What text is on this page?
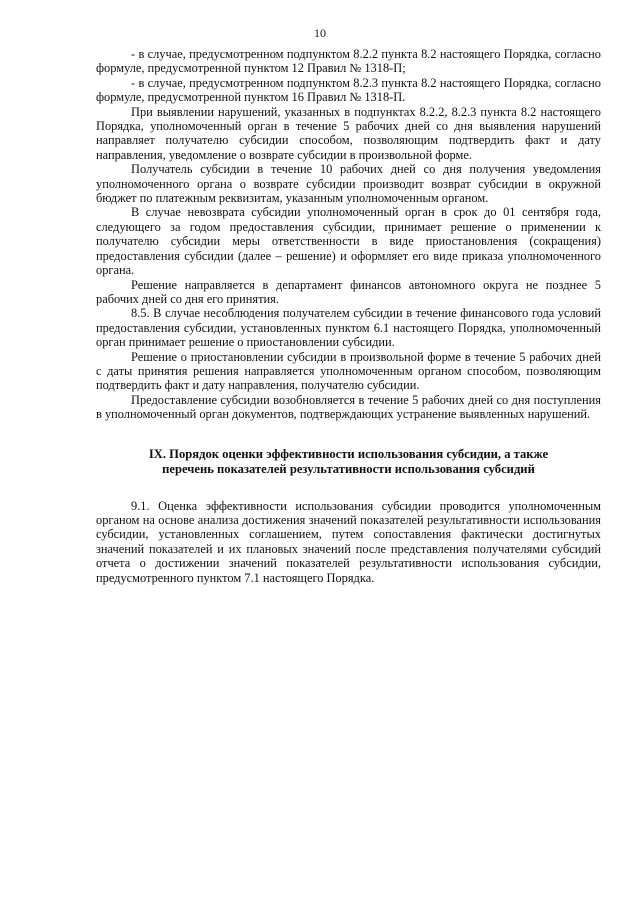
10

- в случае, предусмотренном подпунктом 8.2.2 пункта 8.2 настоящего Порядка, согласно формуле, предусмотренной пунктом 12 Правил № 1318-П;

- в случае, предусмотренном подпунктом 8.2.3 пункта 8.2 настоящего Порядка, согласно формуле, предусмотренной пунктом 16 Правил № 1318-П.

При выявлении нарушений, указанных в подпунктах 8.2.2, 8.2.3 пункта 8.2 настоящего Порядка, уполномоченный орган в течение 5 рабочих дней со дня выявления нарушений направляет получателю субсидии способом, позволяющим подтвердить факт и дату направления, уведомление о возврате субсидии в произвольной форме.

Получатель субсидии в течение 10 рабочих дней со дня получения уведомления уполномоченного органа о возврате субсидии производит возврат субсидии в окружной бюджет по платежным реквизитам, указанным уполномоченным органом.

В случае невозврата субсидии уполномоченный орган в срок до 01 сентября года, следующего за годом предоставления субсидии, принимает решение о применении к получателю субсидии меры ответственности в виде приостановления (сокращения) предоставления субсидии (далее – решение) и оформляет его виде приказа уполномоченного органа.

Решение направляется в департамент финансов автономного округа не позднее 5 рабочих дней со дня его принятия.

8.5. В случае несоблюдения получателем субсидии в течение финансового года условий предоставления субсидии, установленных пунктом 6.1 настоящего Порядка, уполномоченный орган принимает решение о приостановлении субсидии.

Решение о приостановлении субсидии в произвольной форме в течение 5 рабочих дней с даты принятия решения направляется уполномоченным органом способом, позволяющим подтвердить факт и дату направления, получателю субсидии.

Предоставление субсидии возобновляется в течение 5 рабочих дней со дня поступления в уполномоченный орган документов, подтверждающих устранение выявленных нарушений.

IX. Порядок оценки эффективности использования субсидии, а также
перечень показателей результативности использования субсидий

9.1. Оценка эффективности использования субсидии проводится уполномоченным органом на основе анализа достижения значений показателей результативности использования субсидии, установленных соглашением, путем сопоставления фактически достигнутых значений показателей и их плановых значений после представления получателями субсидий отчета о достижении значений показателей результативности использования субсидии, предусмотренного пунктом 7.1 настоящего Порядка.
